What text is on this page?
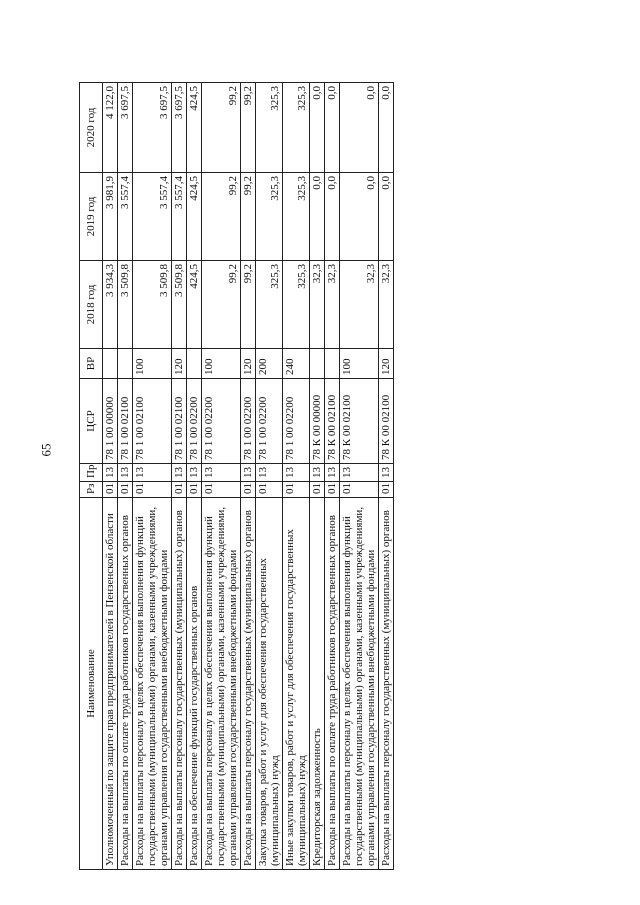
65
Наименование	Рз	Пр	ЦСР	ВР	2018 год	2019 год	2020 год
Уполномоченный по защите прав предпринимателей в Пензенской области	01	13	78 1 00 00000		3 934,3	3 981,9	4 122,0
Расходы на выплаты по оплате труда работников государственных органов	01	13	78 1 00 02100		3 509,8	3 557,4	3 697,5
Расходы на выплаты персоналу в целях обеспечения выполнения функций государственными (муниципальными) органами, казенными учреждениями, органами управления государственными внебюджетными фондами	01	13	78 1 00 02100	100	3 509,8	3 557,4	3 697,5
Расходы на выплаты персоналу государственных (муниципальных) органов	01	13	78 1 00 02100	120	3 509,8	3 557,4	3 697,5
Расходы на обеспечение функций государственных органов	01	13	78 1 00 02200		424,5	424,5	424,5
Расходы на выплаты персоналу в целях обеспечения выполнения функций государственными (муниципальными) органами, казенными учреждениями, органами управления государственными внебюджетными фондами	01	13	78 1 00 02200	100	99,2	99,2	99,2
Расходы на выплаты персоналу государственных (муниципальных) органов	01	13	78 1 00 02200	120	99,2	99,2	99,2
Закупка товаров, работ и услуг для обеспечения государственных (муниципальных) нужд	01	13	78 1 00 02200	200	325,3	325,3	325,3
Иные закупки товаров, работ и услуг для обеспечения государственных (муниципальных) нужд	01	13	78 1 00 02200	240	325,3	325,3	325,3
Кредиторская задолженность	01	13	78 К 00 00000		32,3	0,0	0,0
Расходы на выплаты по оплате труда работников государственных органов	01	13	78 К 00 02100		32,3	0,0	0,0
Расходы на выплаты персоналу в целях обеспечения выполнения функций государственными (муниципальными) органами, казенными учреждениями, органами управления государственными внебюджетными фондами	01	13	78 К 00 02100	100	32,3	0,0	0,0
Расходы на выплаты персоналу государственных (муниципальных) органов	01	13	78 К 00 02100	120	32,3	0,0	0,0
